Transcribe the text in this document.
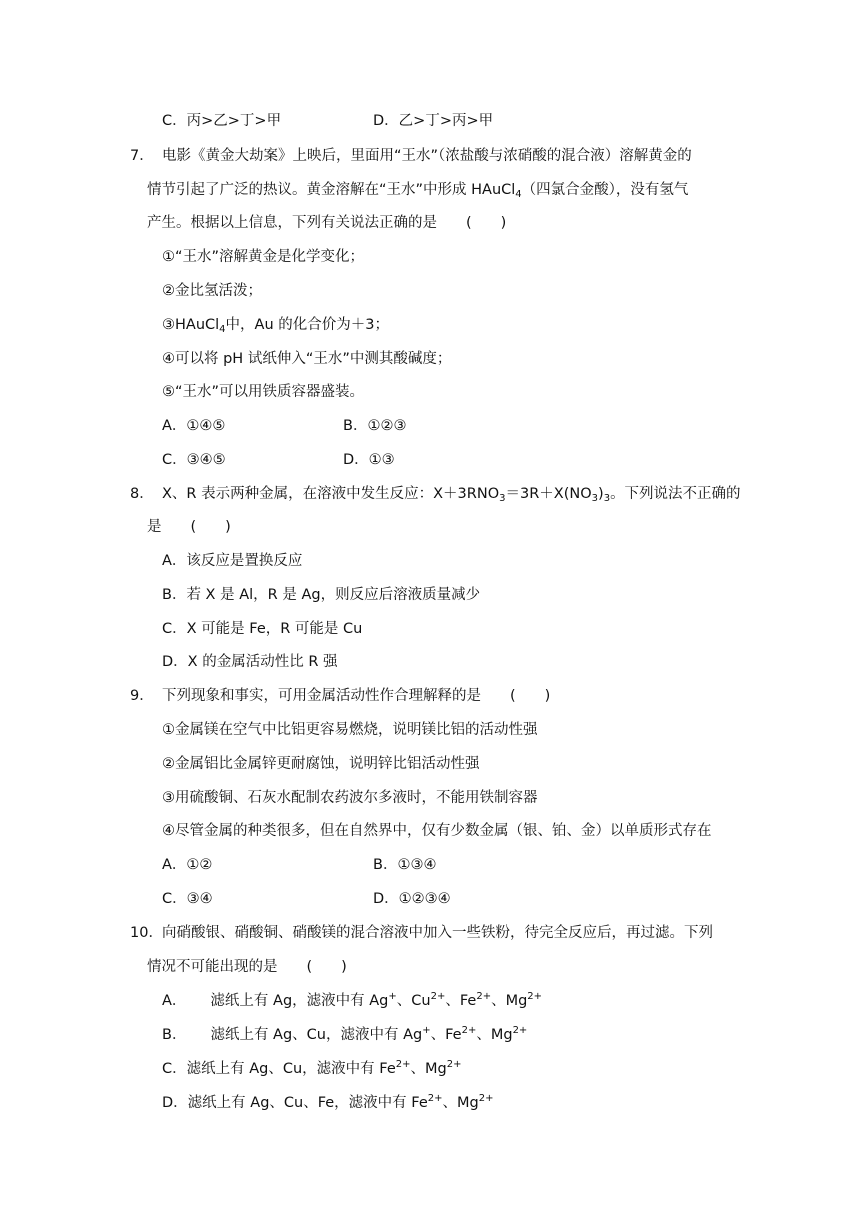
C．丙>乙>丁>甲	D．乙>丁>丙>甲
7． 电影《黄金大劫案》上映后，里面用“王水”（浓盐酸与浓硝酸的混合液）溶解黄金的
情节引起了广泛的热议。黄金溶解在“王水”中形成 HAuCl$_4$（四氯合金酸），没有氢气
产生。根据以上信息，下列有关说法正确的是　　(　　)
①“王水”溶解黄金是化学变化；
②金比氢活泼；
③HAuCl$_4$中，Au 的化合价为＋3；
④可以将 pH 试纸伸入“王水”中测其酸碱度；
⑤“王水”可以用铁质容器盛装。
A．①④⑤	B．①②③
C．③④⑤	D．①③
8． X、R 表示两种金属，在溶液中发生反应：$X+3RNO_3=3R+X(NO_3)_3$。下列说法不正确的
是　　(　　)
A．该反应是置换反应
B．若 X 是 Al，R 是 Ag，则反应后溶液质量减少
C．X 可能是 Fe，R 可能是 Cu
D．X 的金属活动性比 R 强
9． 下列现象和事实，可用金属活动性作合理解释的是　　(　　)
①金属镁在空气中比铝更容易燃烧，说明镁比铝的活动性强
②金属铝比金属锌更耐腐蚀，说明锌比铝活动性强
③用硫酸铜、石灰水配制农药波尔多液时，不能用铁制容器
④尽管金属的种类很多，但在自然界中，仅有少数金属（银、铂、金）以单质形式存在
A．①②	B．①③④
C．③④	D．①②③④
10． 向硝酸银、硝酸铜、硝酸镁的混合溶液中加入一些铁粉，待完全反应后，再过滤。下列
情况不可能出现的是　　(　　)
A． 滤纸上有 Ag，滤液中有 Ag+、$Cu^{2+}$、$Fe^{2+}$、$Mg^{2+}$
B． 滤纸上有 Ag、Cu，滤液中有 Ag+、$Fe^{2+}$、$Mg^{2+}$
C．滤纸上有 Ag、Cu，滤液中有 $Fe^{2+}$、$Mg^{2+}$
D．滤纸上有 Ag、Cu、Fe，滤液中有 $Fe^{2+}$、$Mg^{2+}$
